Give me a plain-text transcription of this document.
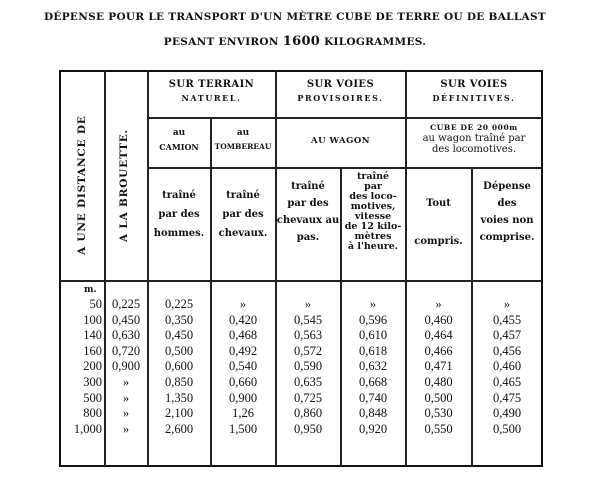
DÉPENSE POUR LE TRANSPORT D'UN MÈTRE CUBE DE TERRE OU DE BALLAST
PESANT ENVIRON 1600 KILOGRAMMES.
SUR TERRAIN
NATUREL.
SUR VOIES
PROVISOIRES.
SUR VOIES
DÉFINITIVES.
au
CAMION
au
TOMBEREAU
AU WAGON
CUBE DE 20 000m
au wagon traîné par
des locomotives.
A UNE DISTANCE DE	A LA BROUETTE.	traîné
par des
hommes.
traîné
par des
chevaux.
traîné
par des
chevaux au
pas.
traîné
par
des loco-
motives,
vitesse
de 12 kilo-
mètres
à l'heure.
Tout

compris.
Dépense
des
voies non
comprise.
m.
50 0,225	0,225	»	»	»	»	»
100 0,450	0,350	0,420	0,545	0,596	0,460	0,455
140 0,630	0,450	0,468	0,563	0,610	0,464	0,457
160 0,720	0,500	0,492	0,572	0,618	0,466	0,456
200 0,900	0,600	0,540	0,590	0,632	0,471	0,460
300	»	0,850	0,660	0,635	0,668	0,480	0,465
500	»	1,350	0,900	0,725	0,740	0,500	0,475
800	»	2,100	1,26	0,860	0,848	0,530	0,490
1,000	»	2,600	1,500	0,950	0,920	0,550	0,500
